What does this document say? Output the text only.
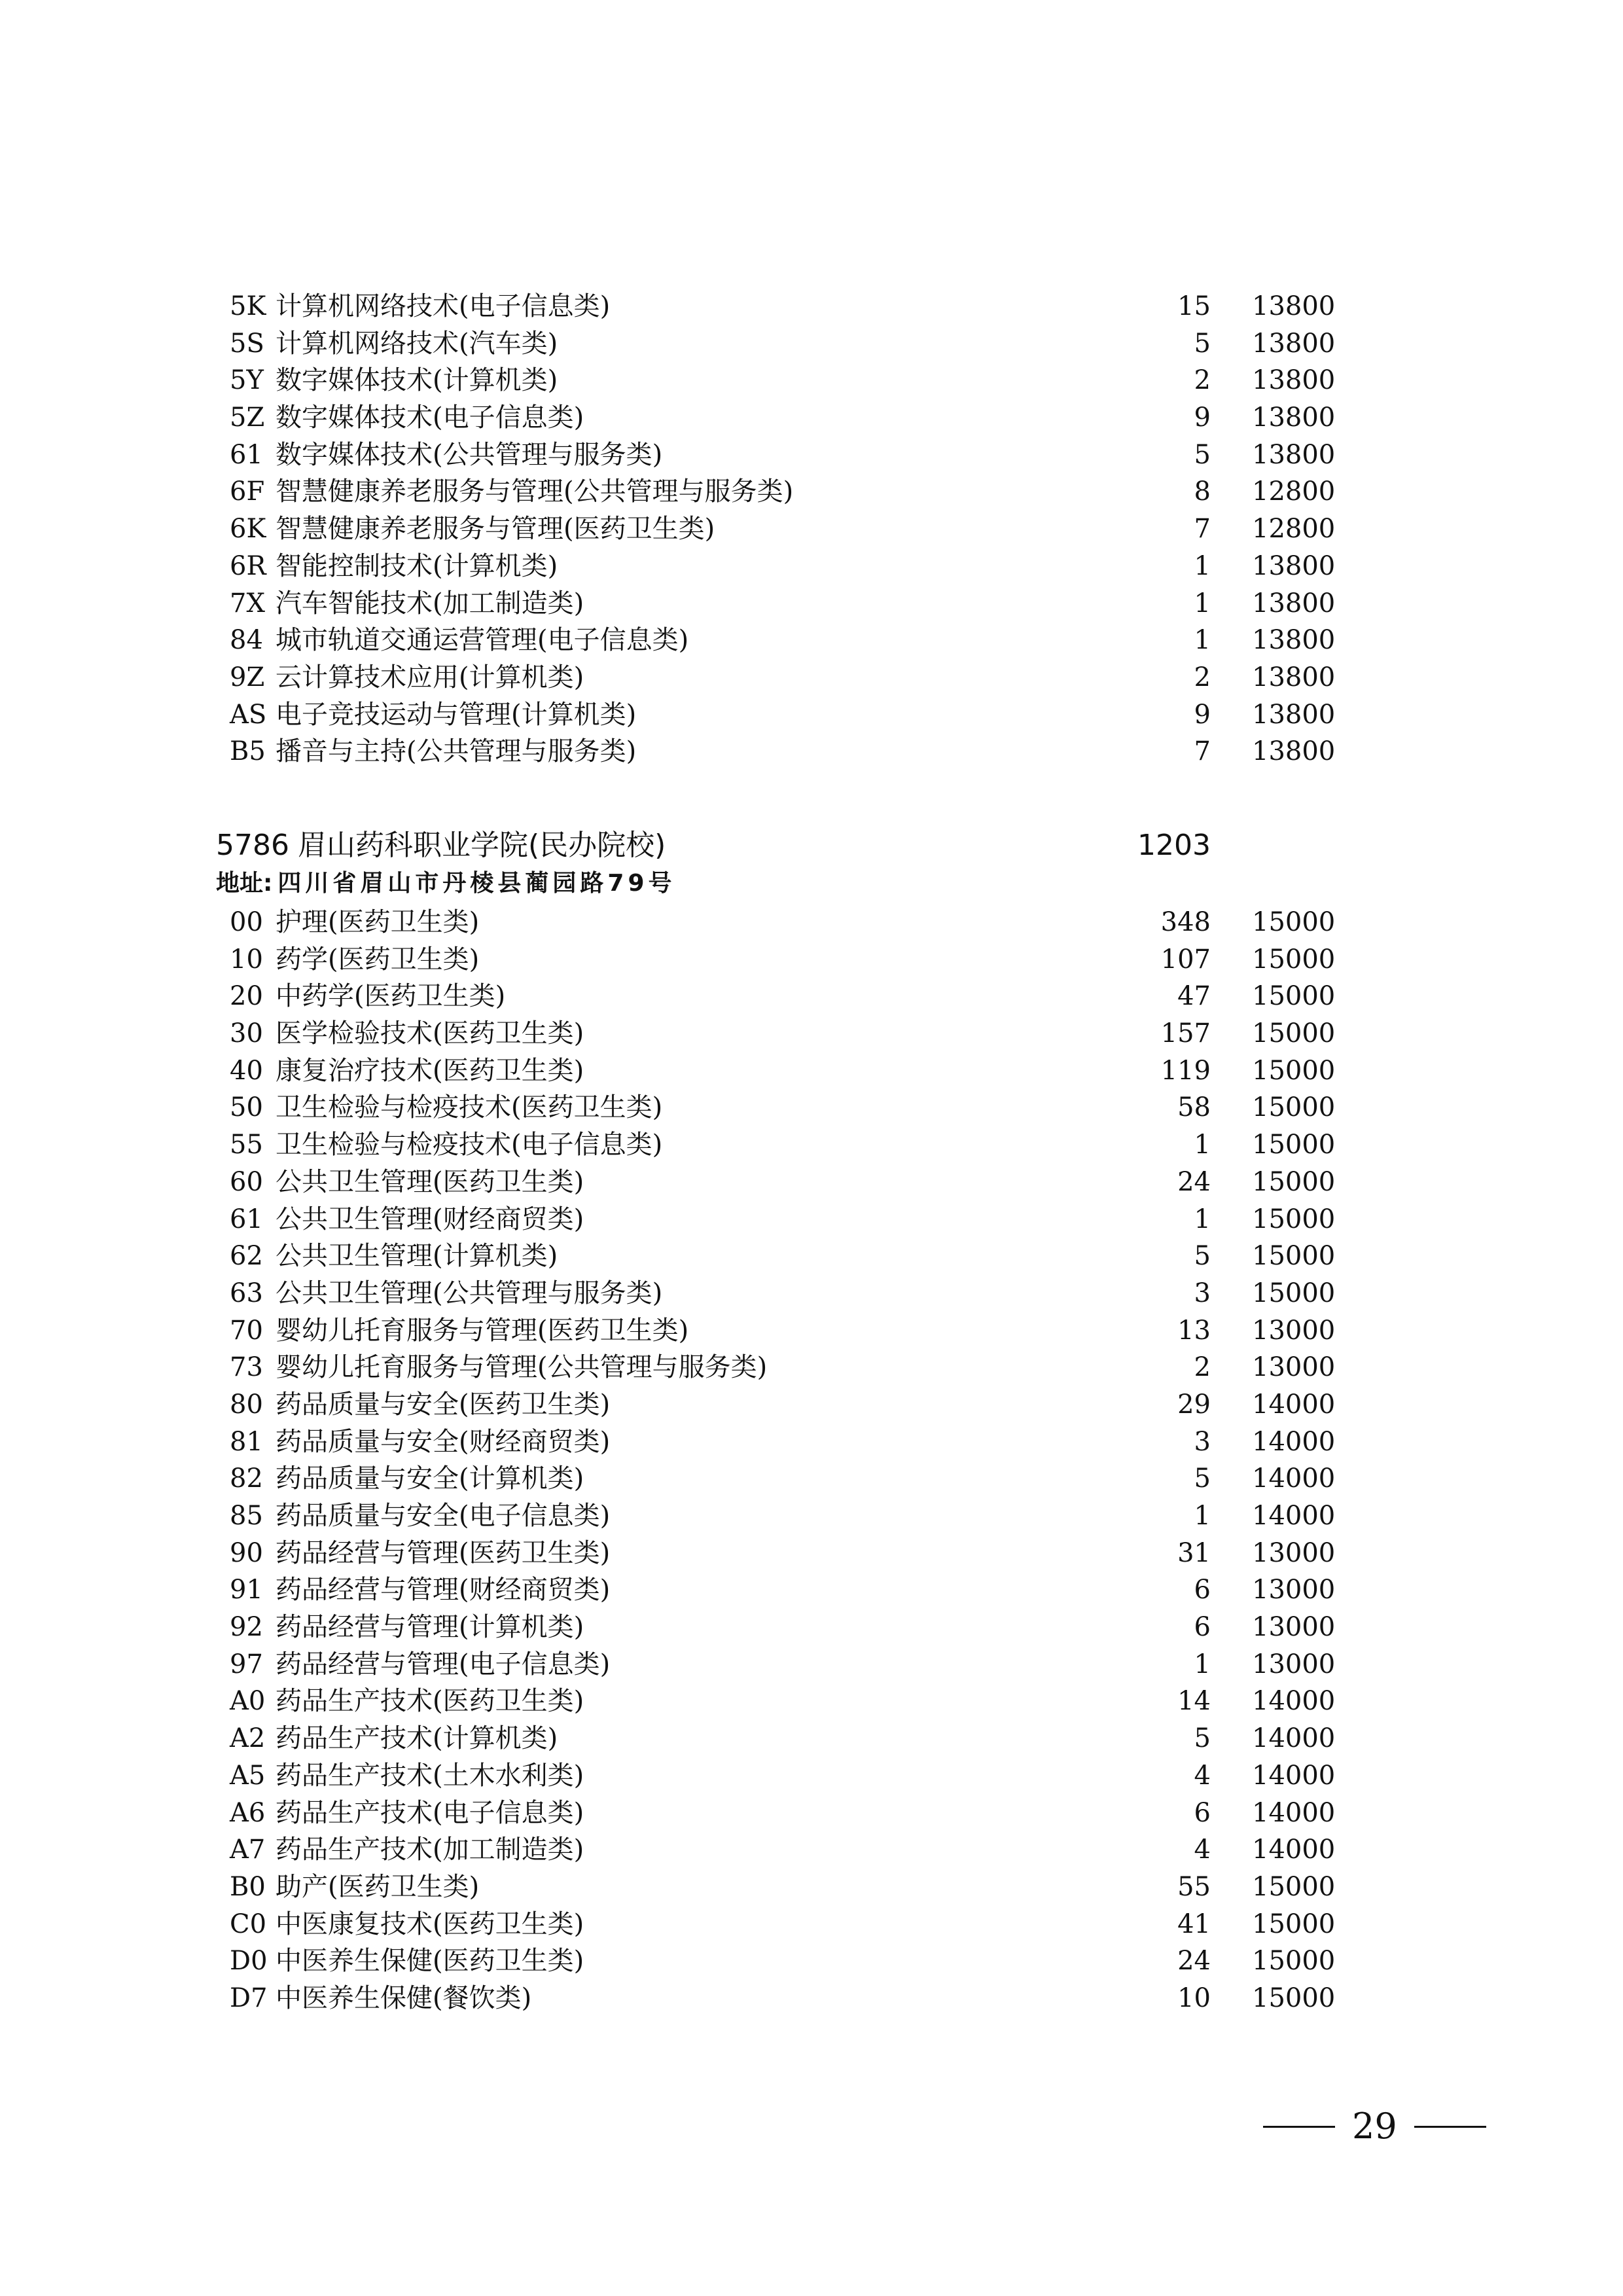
5K 计算机网络技术(电子信息类)	15 13800
5S 计算机网络技术(汽车类)	5 13800
5Y 数字媒体技术(计算机类)	2 13800
5Z 数字媒体技术(电子信息类)	9 13800
61 数字媒体技术(公共管理与服务类)	5 13800
6F 智慧健康养老服务与管理(公共管理与服务类)	8 12800
6K 智慧健康养老服务与管理(医药卫生类)	7 12800
6R 智能控制技术(计算机类)	1 13800
7X 汽车智能技术(加工制造类)	1 13800
84 城市轨道交通运营管理(电子信息类)	1 13800
9Z 云计算技术应用(计算机类)	2 13800
AS 电子竞技运动与管理(计算机类)	9 13800
B5 播音与主持(公共管理与服务类)	7 13800
5786 眉山药科职业学院(民办院校)	1203
地址: 四川省眉山市丹棱县蔺园路79号
00 护理(医药卫生类)	348 15000
10 药学(医药卫生类)	107 15000
20 中药学(医药卫生类)	47 15000
30 医学检验技术(医药卫生类)	157 15000
40 康复治疗技术(医药卫生类)	119 15000
50 卫生检验与检疫技术(医药卫生类)	58 15000
55 卫生检验与检疫技术(电子信息类)	1 15000
60 公共卫生管理(医药卫生类)	24 15000
61 公共卫生管理(财经商贸类)	1 15000
62 公共卫生管理(计算机类)	5 15000
63 公共卫生管理(公共管理与服务类)	3 15000
70 婴幼儿托育服务与管理(医药卫生类)	13 13000
73 婴幼儿托育服务与管理(公共管理与服务类)	2 13000
80 药品质量与安全(医药卫生类)	29 14000
81 药品质量与安全(财经商贸类)	3 14000
82 药品质量与安全(计算机类)	5 14000
85 药品质量与安全(电子信息类)	1 14000
90 药品经营与管理(医药卫生类)	31 13000
91 药品经营与管理(财经商贸类)	6 13000
92 药品经营与管理(计算机类)	6 13000
97 药品经营与管理(电子信息类)	1 13000
A0 药品生产技术(医药卫生类)	14 14000
A2 药品生产技术(计算机类)	5 14000
A5 药品生产技术(土木水利类)	4 14000
A6 药品生产技术(电子信息类)	6 14000
A7 药品生产技术(加工制造类)	4 14000
B0 助产(医药卫生类)	55 15000
C0 中医康复技术(医药卫生类)	41 15000
D0 中医养生保健(医药卫生类)	24 15000
D7 中医养生保健(餐饮类)	10 15000
29
